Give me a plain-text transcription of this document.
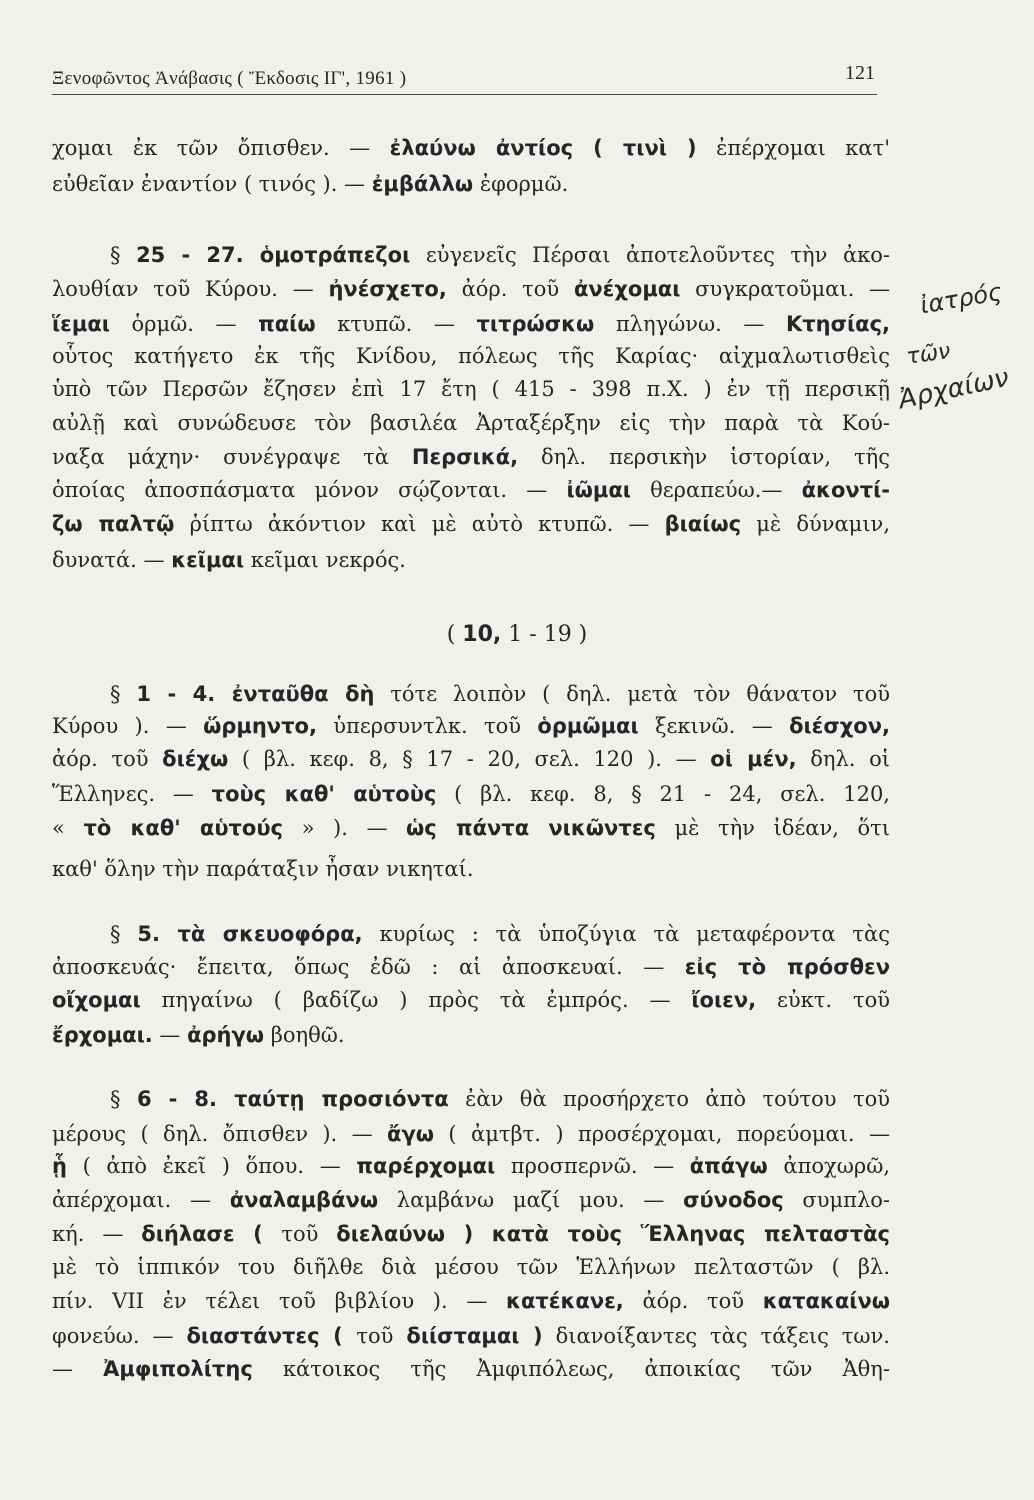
Ξενοφῶντος Ἀνάβασις ( Ἔκδοσις ΙΓ', 1961 )	121
χομαι ἐκ τῶν ὄπισθεν. — ἐλαύνω ἀντίος ( τινὶ ) ἐπέρχομαι κατ'
εὐθεῖαν ἐναντίον ( τινός ). — ἐμβάλλω ἐφορμῶ.
§ 25 - 27. ὁμοτράπεζοι εὐγενεῖς Πέρσαι ἀποτελοῦντες τὴν ἀκο-
λουθίαν τοῦ Κύρου. — ἠνέσχετο, ἀόρ. τοῦ ἀνέχομαι συγκρατοῦμαι. —
ἵεμαι ὁρμῶ. — παίω κτυπῶ. — τιτρώσκω πληγώνω. — Κτησίας,
οὗτος κατήγετο ἐκ τῆς Κνίδου, πόλεως τῆς Καρίας· αἰχμαλωτισθεὶς
ὑπὸ τῶν Περσῶν ἔζησεν ἐπὶ 17 ἔτη ( 415 - 398 π.Χ. ) ἐν τῇ περσικῇ
αὐλῇ καὶ συνώδευσε τὸν βασιλέα Ἀρταξέρξην εἰς τὴν παρὰ τὰ Κού-
ναξα μάχην· συνέγραψε τὰ Περσικά, δηλ. περσικὴν ἱστορίαν, τῆς
ὁποίας ἀποσπάσματα μόνον σῴζονται. — ἰῶμαι θεραπεύω.— ἀκοντί-
ζω παλτῷ ῥίπτω ἀκόντιον καὶ μὲ αὐτὸ κτυπῶ. — βιαίως μὲ δύναμιν,
δυνατά. — κεῖμαι κεῖμαι νεκρός.
§ 1 - 4. ἐνταῦθα δὴ τότε λοιπὸν ( δηλ. μετὰ τὸν θάνατον τοῦ
Κύρου ). — ὥρμηντο, ὑπερσυντλκ. τοῦ ὁρμῶμαι ξεκινῶ. — διέσχον,
ἀόρ. τοῦ διέχω ( βλ. κεφ. 8, § 17 - 20, σελ. 120 ). — οἱ μέν, δηλ. οἱ
Ἕλληνες. — τοὺς καθ' αὑτοὺς ( βλ. κεφ. 8, § 21 - 24, σελ. 120,
« τὸ καθ' αὑτούς » ). — ὡς πάντα νικῶντες μὲ τὴν ἰδέαν, ὅτι
καθ' ὅλην τὴν παράταξιν ἦσαν νικηταί.
§ 5. τὰ σκευοφόρα, κυρίως : τὰ ὑποζύγια τὰ μεταφέροντα τὰς
ἀποσκευάς· ἔπειτα, ὅπως ἐδῶ : αἱ ἀποσκευαί. — εἰς τὸ πρόσθεν
οἴχομαι πηγαίνω ( βαδίζω ) πρὸς τὰ ἐμπρός. — ἴοιεν, εὐκτ. τοῦ
ἔρχομαι. — ἀρήγω βοηθῶ.
§ 6 - 8. ταύτῃ προσιόντα ἐὰν θὰ προσήρχετο ἀπὸ τούτου τοῦ
μέρους ( δηλ. ὄπισθεν ). — ἄγω ( ἀμτβτ. ) προσέρχομαι, πορεύομαι. —
ᾗ ( ἀπὸ ἐκεῖ ) ὅπου. — παρέρχομαι προσπερνῶ. — ἀπάγω ἀποχωρῶ,
ἀπέρχομαι. — ἀναλαμβάνω λαμβάνω μαζί μου. — σύνοδος συμπλο-
κή. — διήλασε ( τοῦ διελαύνω ) κατὰ τοὺς Ἕλληνας πελταστὰς
μὲ τὸ ἱππικόν του διῆλθε διὰ μέσου τῶν Ἑλλήνων πελταστῶν ( βλ.
πίν. VII ἐν τέλει τοῦ βιβλίου ). — κατέκανε, ἀόρ. τοῦ κατακαίνω
φονεύω. — διαστάντες ( τοῦ διίσταμαι ) διανοίξαντες τὰς τάξεις των.
— Ἀμφιπολίτης κάτοικος τῆς Ἀμφιπόλεως, ἀποικίας τῶν Ἀθη-
( 10, 1 - 19 )
ἰατρός
τῶν
Ἀρχαίων
